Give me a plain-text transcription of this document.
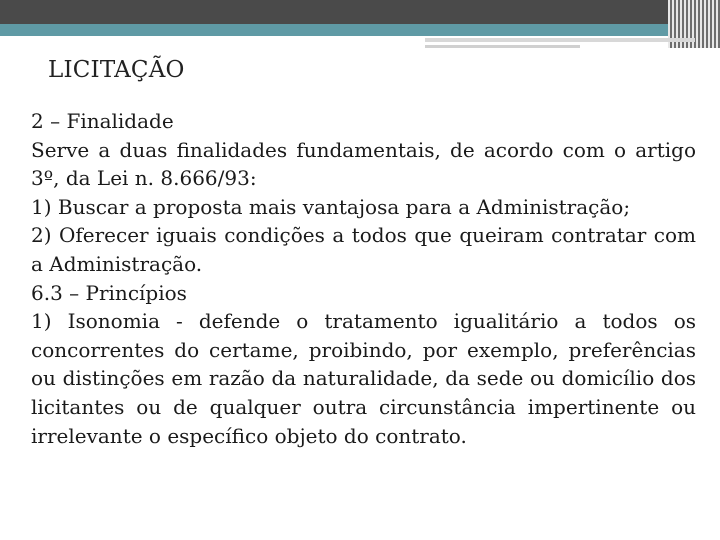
LICITAÇÃO

2 – Finalidade

Serve a duas finalidades fundamentais, de acordo com o artigo 3º, da Lei n. 8.666/93:

1) Buscar a proposta mais vantajosa para a Administração;

2) Oferecer iguais condições a todos que queiram contratar com a Administração.

6.3 – Princípios

1) Isonomia - defende o tratamento igualitário a todos os concorrentes do certame, proibindo, por exemplo, preferências ou distinções em razão da naturalidade, da sede ou domicílio dos licitantes ou de qualquer outra circunstância impertinente ou irrelevante o específico objeto do contrato.
